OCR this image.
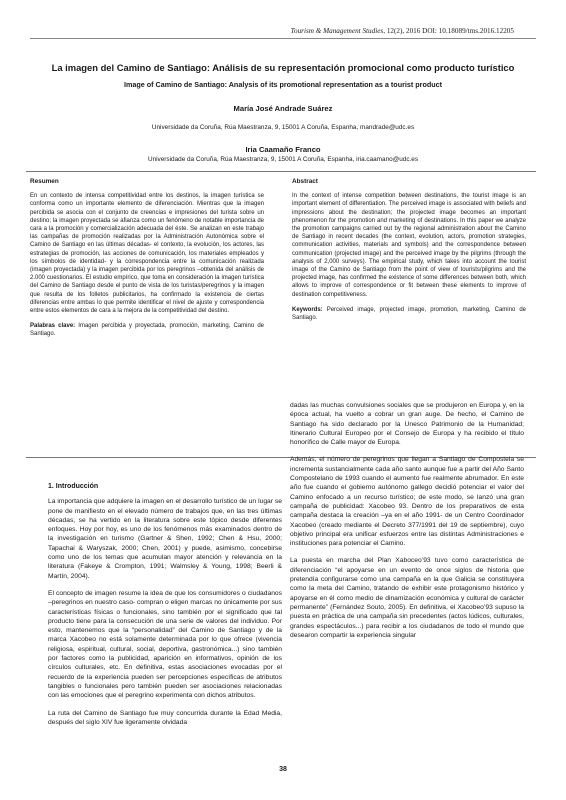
Tourism & Management Studies, 12(2), 2016 DOI: 10.18089/tms.2016.12205
La imagen del Camino de Santiago: Análisis de su representación promocional como producto turístico
Image of Camino de Santiago: Analysis of its promotional representation as a tourist product
María José Andrade Suárez
Universidade da Coruña, Rúa Maestranza, 9, 15001 A Coruña, Espanha, mandrade@udc.es
Iria Caamaño Franco
Universidade da Coruña, Rúa Maestranza, 9, 15001 A Coruña, Espanha, iria.caamano@udc.es
Resumen

En un contexto de intensa competitividad entre los destinos, la imagen turística se conforma como un importante elemento de diferenciación. Mientras que la imagen percibida se asocia con el conjunto de creencias e impresiones del turista sobre un destino; la imagen proyectada se afianza como un fenómeno de notable importancia de cara a la promoción y comercialización adecuada del éste. Se analizan en este trabajo las campañas de promoción realizadas por la Administración Autonómica sobre el Camino de Santiago en las últimas décadas- el contexto, la evolución, los actores, las estrategias de promoción, las acciones de comunicación, los materiales empleados y los símbolos de identidad- y la correspondencia entre la comunicación realizada (imagen proyectada) y la imagen percibida por los peregrinos –obtenida del análisis de 2.000 cuestionarios. El estudio empírico, que toma en consideración la imagen turística del Camino de Santiago desde el punto de vista de los turistas/peregrinos y la imagen que resulta de los folletos publicitarios, ha confirmado la existencia de ciertas diferencias entre ambas lo que permite identificar el nivel de ajuste y correspondencia entre estos elementos de cara a la mejora de la competitividad del destino.

Palabras clave: Imagen percibida y proyectada, promoción, marketing, Camino de Santiago.

Abstract

In the context of intense competition between destinations, the tourist image is an important element of differentiation. The perceived image is associated with beliefs and impressions about the destination; the projected image becomes an important phenomenon for the promotion and marketing of destinations. In this paper we analyze the promotion campaigns carried out by the regional administration about the Camino de Santiago in recent decades (the context, evolution, actors, promotion strategies, communication activities, materials and symbols) and the correspondence between communication (projected image) and the perceived image by the pilgrims (through the analysis of 2,000 surveys). The empirical study, which takes into account the tourist image of the Camino de Santiago from the point of view of tourists/pilgrims and the projected image, has confirmed the existence of some differences between both, which allows to improve of correspondence or fit between these elements to improve of destination competitiveness.

Keywords: Perceived image, projected image, promotion, marketing, Camino de Santiago.

1. Introducción

La importancia que adquiere la imagen en el desarrollo turístico de un lugar se pone de manifiesto en el elevado número de trabajos que, en las tres últimas décadas, se ha vertido en la literatura sobre este tópico desde diferentes enfoques. Hoy por hoy, es uno de los fenómenos más examinados dentro de la investigación en turismo (Gartner & Shen, 1992; Chen & Hsu, 2000; Tapachai & Waryszak, 2000; Chen, 2001) y puede, asimismo, concebirse como uno de los temas que acumulan mayor atención y relevancia en la literatura (Fakeye & Crompton, 1991; Walmsley & Young, 1998; Beerli & Martín, 2004).

El concepto de imagen resume la idea de que los consumidores o ciudadanos –peregrinos en nuestro caso- compran o eligen marcas no únicamente por sus características físicas o funcionales, sino también por el significado que tal producto tiene para la consecución de una serie de valores del individuo. Por esto, mantenemos que la “personalidad” del Camino de Santiago y de la marca Xacobeo no está solamente determinada por lo que ofrece (vivencia religiosa, espiritual, cultural, social, deportiva, gastronómica...) sino también por factores como la publicidad, aparición en informativos, opinión de los círculos culturales, etc. En definitiva, estas asociaciones evocadas por el recuerdo de la experiencia pueden ser percepciones específicas de atributos tangibles o funcionales pero también pueden ser asociaciones relacionadas con las emociones que el peregrino experimenta con dichos atributos.

La ruta del Camino de Santiago fue muy concurrida durante la Edad Media, después del siglo XIV fue ligeramente olvidada

dadas las muchas convulsiones sociales que se produjeron en Europa y, en la época actual, ha vuelto a cobrar un gran auge. De hecho, el Camino de Santiago ha sido declarado por la Unesco Patrimonio de la Humanidad; Itinerario Cultural Europeo por el Consejo de Europa y ha recibido el título honorífico de Calle mayor de Europa.

Además, el número de peregrinos que llegan a Santiago de Compostela se incrementa sustancialmente cada año santo aunque fue a partir del Año Santo Compostelano de 1993 cuando el aumento fue realmente abrumador. En este año fue cuando el gobierno autónomo gallego decidió potenciar el valor del Camino enfocado a un recurso turístico; de este modo, se lanzó una gran campaña de publicidad: Xacobeo 93. Dentro de los preparativos de esta campaña destaca la creación –ya en el año 1991- de un Centro Coordinador Xacobeo (creado mediante el Decreto 377/1991 del 19 de septiembre), cuyo objetivo principal era unificar esfuerzos entre las distintas Administraciones e instituciones para potenciar el Camino.

La puesta en marcha del Plan Xaboceo’93 tuvo como característica de diferenciación “el apoyarse en un evento de once siglos de historia que pretendía configurarse como una campaña en la que Galicia se constituyera como la meta del Camino, tratando de exhibir este protagonismo histórico y apoyarse en él como medio de dinamización económica y cultural de carácter permanente” (Fernández Souto, 2005). En definitiva, el Xacobeo’93 supuso la puesta en práctica de una campaña sin precedentes (actos lúdicos, culturales, grandes espectáculos...) para recibir a los ciudadanos de todo el mundo que desearon compartir la experiencia singular

38
